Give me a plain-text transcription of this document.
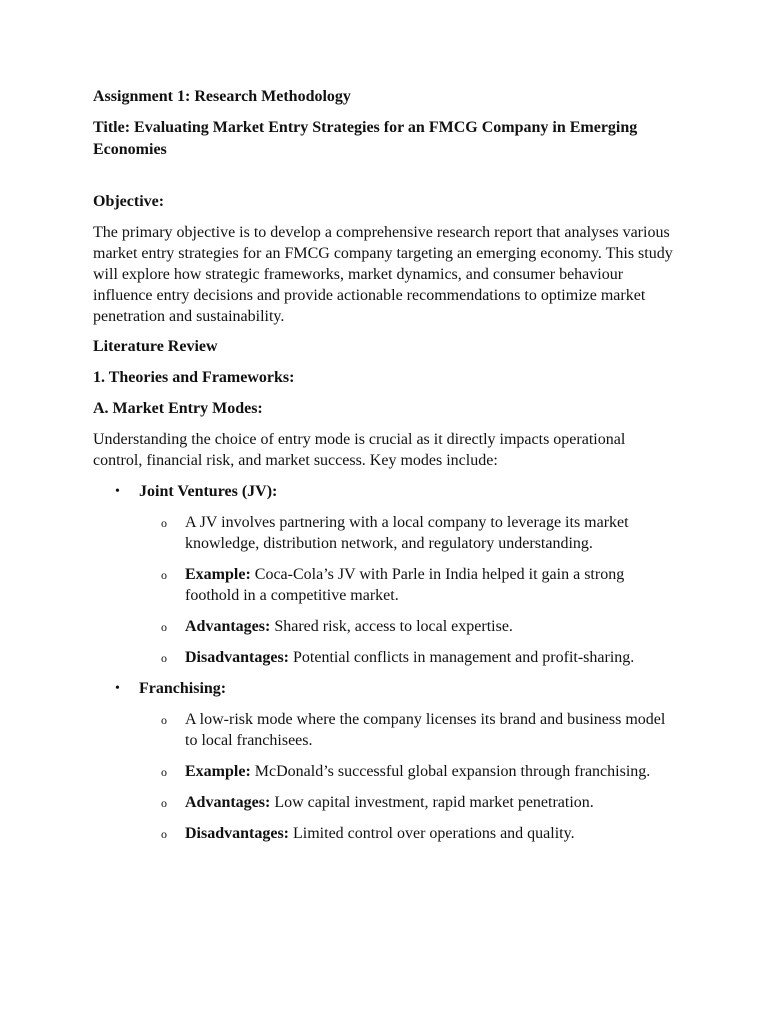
Assignment 1: Research Methodology

Title: Evaluating Market Entry Strategies for an FMCG Company in Emerging Economies

Objective:

The primary objective is to develop a comprehensive research report that analyses various market entry strategies for an FMCG company targeting an emerging economy. This study will explore how strategic frameworks, market dynamics, and consumer behaviour influence entry decisions and provide actionable recommendations to optimize market penetration and sustainability.

Literature Review

1. Theories and Frameworks:

A. Market Entry Modes:

Understanding the choice of entry mode is crucial as it directly impacts operational control, financial risk, and market success. Key modes include:

• Joint Ventures (JV):
o A JV involves partnering with a local company to leverage its market knowledge, distribution network, and regulatory understanding.
o Example: Coca-Cola’s JV with Parle in India helped it gain a strong foothold in a competitive market.
o Advantages: Shared risk, access to local expertise.
o Disadvantages: Potential conflicts in management and profit-sharing.
• Franchising:
o A low-risk mode where the company licenses its brand and business model to local franchisees.
o Example: McDonald’s successful global expansion through franchising.
o Advantages: Low capital investment, rapid market penetration.
o Disadvantages: Limited control over operations and quality.
